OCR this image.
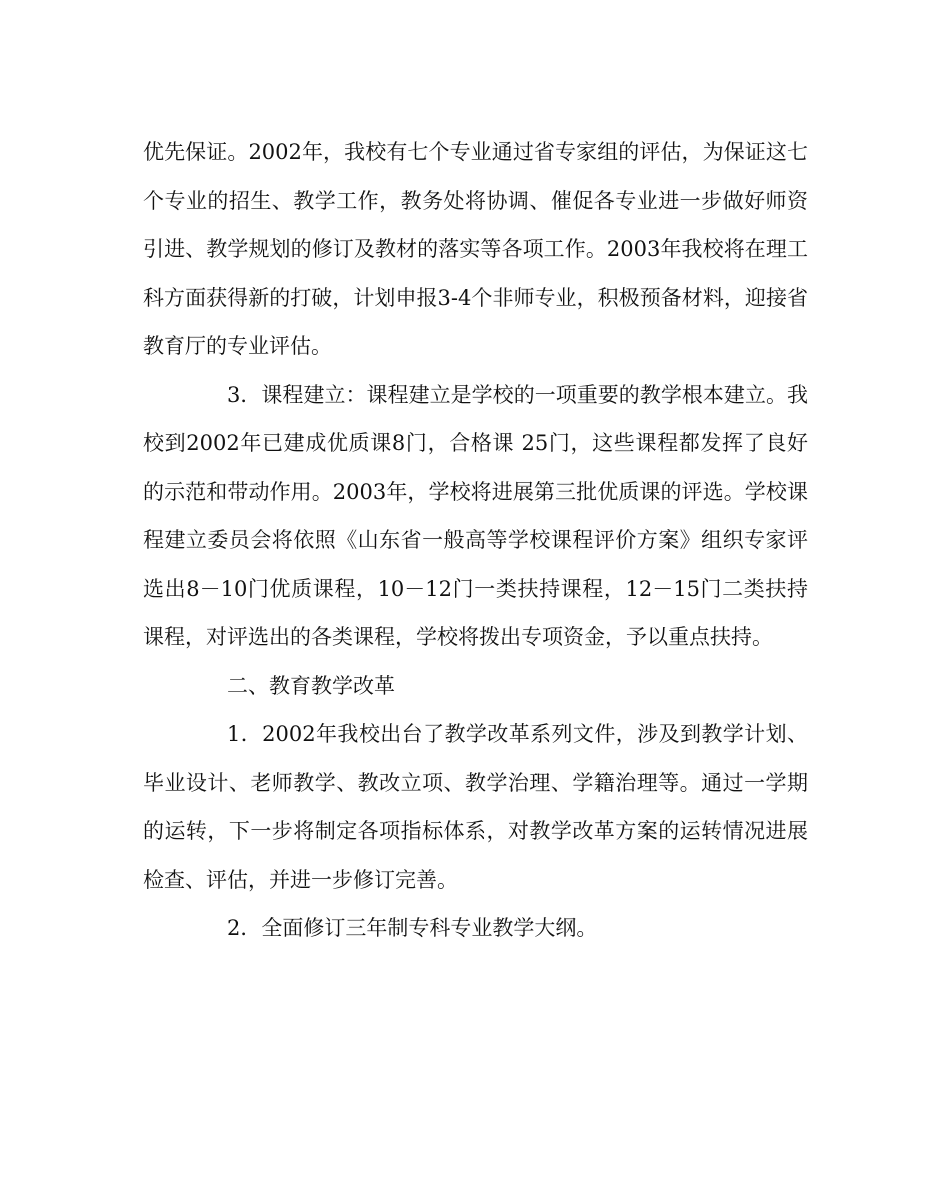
优先保证。2002年，我校有七个专业通过省专家组的评估，为保证这七个专业的招生、教学工作，教务处将协调、催促各专业进一步做好师资引进、教学规划的修订及教材的落实等各项工作。2003年我校将在理工科方面获得新的打破，计划申报3-4个非师专业，积极预备材料，迎接省教育厅的专业评估。

3．课程建立：课程建立是学校的一项重要的教学根本建立。我校到2002年已建成优质课8门，合格课 25门，这些课程都发挥了良好的示范和带动作用。2003年，学校将进展第三批优质课的评选。学校课程建立委员会将依照《山东省一般高等学校课程评价方案》组织专家评选出8－10门优质课程，10－12门一类扶持课程，12－15门二类扶持课程，对评选出的各类课程，学校将拨出专项资金，予以重点扶持。

二、教育教学改革

1．2002年我校出台了教学改革系列文件，涉及到教学计划、毕业设计、老师教学、教改立项、教学治理、学籍治理等。通过一学期的运转，下一步将制定各项指标体系，对教学改革方案的运转情况进展检查、评估，并进一步修订完善。

2．全面修订三年制专科专业教学大纲。
